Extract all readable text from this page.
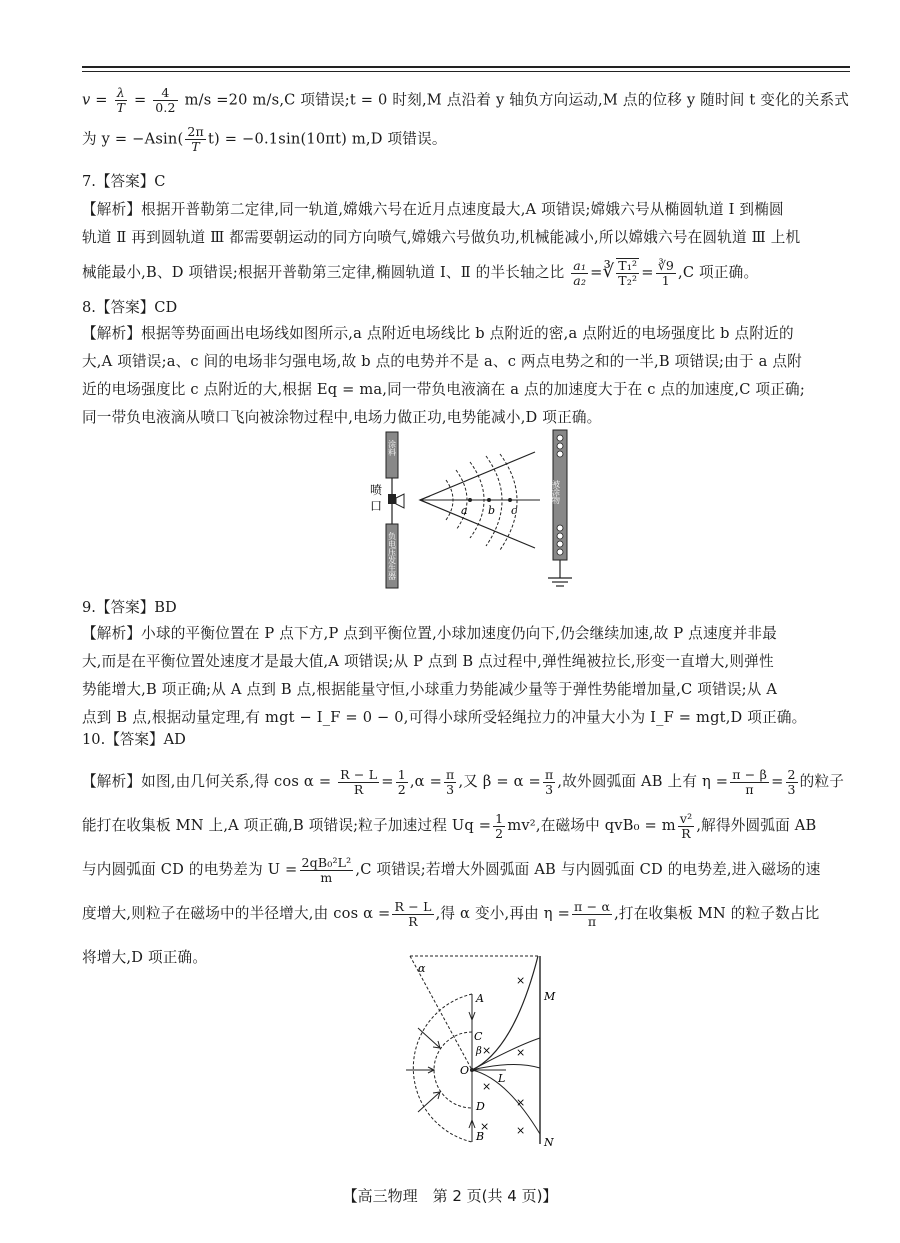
$v = \frac{\lambda}{T} = \frac{4}{0.2} m/s =20$ m/s,C 项错误;t = 0 时刻,M 点沿着 y 轴负方向运动,M 点的位移 y 随时间 t 变化的关系式

为 $y = -Asin( \frac{2\pi}{T} t) = -0.1\sin(10\pi t)$ m,D 项错误。

7.【答案】C

【解析】根据开普勒第二定律,同一轨道,嫦娥六号在近月点速度最大,A 项错误;嫦娥六号从椭圆轨道 Ⅰ 到椭圆

轨道 Ⅱ 再到圆轨道 Ⅲ 都需要朝运动的同方向喷气,嫦娥六号做负功,机械能减小,所以嫦娥六号在圆轨道 Ⅲ 上机

械能最小,B、D 项错误;根据开普勒第三定律,椭圆轨道 Ⅰ、Ⅱ 的半长轴之比 $\frac{\text{a₁}}{\text{a₂}}$ =∛ $\frac{\text{T₁²}}{\text{T₂²}} = \frac{∛9}{1} ,C$ 项正确。

8.【答案】CD

【解析】根据等势面画出电场线如图所示,a 点附近电场线比 b 点附近的密,a 点附近的电场强度比 b 点附近的

大,A 项错误;a、c 间的电场非匀强电场,故 b 点的电势并不是 a、c 两点电势之和的一半,B 项错误;由于 a 点附

近的电场强度比 c 点附近的大,根据 Eq = ma,同一带负电液滴在 a 点的加速度大于在 c 点的加速度,C 项正确;

同一带负电液滴从喷口飞向被涂物过程中,电场力做正功,电势能减小,D 项正确。

涂料
负电压发生器
喷
口	a b c
被涂物
9.【答案】BD

【解析】小球的平衡位置在 P 点下方,P 点到平衡位置,小球加速度仍向下,仍会继续加速,故 P 点速度并非最

大,而是在平衡位置处速度才是最大值,A 项错误;从 P 点到 B 点过程中,弹性绳被拉长,形变一直增大,则弹性

势能增大,B 项正确;从 A 点到 B 点,根据能量守恒,小球重力势能减少量等于弹性势能增加量,C 项错误;从 A

点到 B 点,根据动量定理,有 mgt − I_F = 0 − 0,可得小球所受轻绳拉力的冲量大小为 I_F = mgt,D 项正确。

10.【答案】AD

【解析】如图,由几何关系,得 $\cos \alpha = \frac{R - L}{R} = \frac{1}{2} ,\alpha = \frac{\pi}{3}$ ,又 $\beta = \alpha = \frac{\pi}{3}$ ,故外圆弧面 AB 上有 $\eta = \frac{\pi - \beta}{\pi} = \frac{2}{3}$ 的粒子

能打在收集板 MN 上,A 项正确,B 项错误;粒子加速过程 $Uq = \frac{1}{2} mv^2$,在磁场中 qvB₀ = m $\frac{\text{v²}}{R}$ ,解得外圆弧面 AB

与内圆弧面 CD 的电势差为 $U = \frac{\text{2qB₀²L²}}{m} ,C$ 项错误;若增大外圆弧面 AB 与内圆弧面 CD 的电势差,进入磁场的速

度增大,则粒子在磁场中的半径增大,由 $\cos \alpha = \frac{R - L}{R}$ ,得 α 变小,再由 $\eta = \frac{\pi - \alpha}{\pi}$ ,打在收集板 MN 的粒子数占比

将增大,D 项正确。

α
A
C
β
O
L
D
B
M
N
×
× ×
×
×
× ×
【高三物理　第 2 页(共 4 页)】
